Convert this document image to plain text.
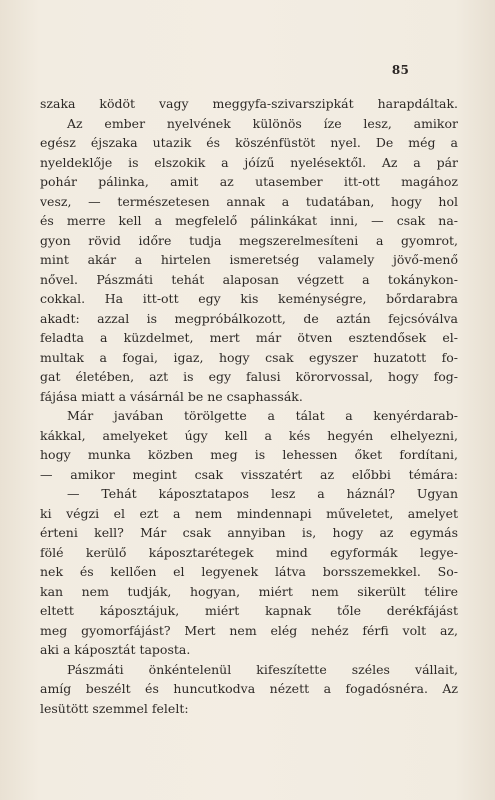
85
szaka ködöt vagy meggyfa-szivarszipkát harapdáltak.
Az ember nyelvének különös íze lesz, amikor
egész éjszaka utazik és köszénfüstöt nyel. De még a
nyeldeklője is elszokik a jóízű nyelésektől. Az a pár
pohár pálinka, amit az utasember itt-ott magához
vesz, — természetesen annak a tudatában, hogy hol
és merre kell a megfelelő pálinkákat inni, — csak na-
gyon rövid időre tudja megszerelmesíteni a gyomrot,
mint akár a hirtelen ismeretség valamely jövő-menő
nővel. Pászmáti tehát alaposan végzett a tokánykon-
cokkal. Ha itt-ott egy kis keménységre, bőrdarabra
akadt: azzal is megpróbálkozott, de aztán fejcsóválva
feladta a küzdelmet, mert már ötven esztendősek el-
multak a fogai, igaz, hogy csak egyszer huzatott fo-
gat életében, azt is egy falusi körorvossal, hogy fog-
fájása miatt a vásárnál be ne csaphassák.
Már javában törölgette a tálat a kenyérdarab-
kákkal, amelyeket úgy kell a kés hegyén elhelyezni,
hogy munka közben meg is lehessen őket fordítani,
— amikor megint csak visszatért az előbbi témára:
— Tehát káposztatapos lesz a háznál? Ugyan
ki végzi el ezt a nem mindennapi műveletet, amelyet
érteni kell? Már csak annyiban is, hogy az egymás
fölé kerülő káposztarétegek mind egyformák legye-
nek és kellően el legyenek látva borsszemekkel. So-
kan nem tudják, hogyan, miért nem sikerült télire
eltett káposztájuk, miért kapnak tőle derékfájást
meg gyomorfájást? Mert nem elég nehéz férfi volt az,
aki a káposztát taposta.
Pászmáti önkéntelenül kifeszítette széles vállait,
amíg beszélt és huncutkodva nézett a fogadósnéra. Az
lesütött szemmel felelt:
